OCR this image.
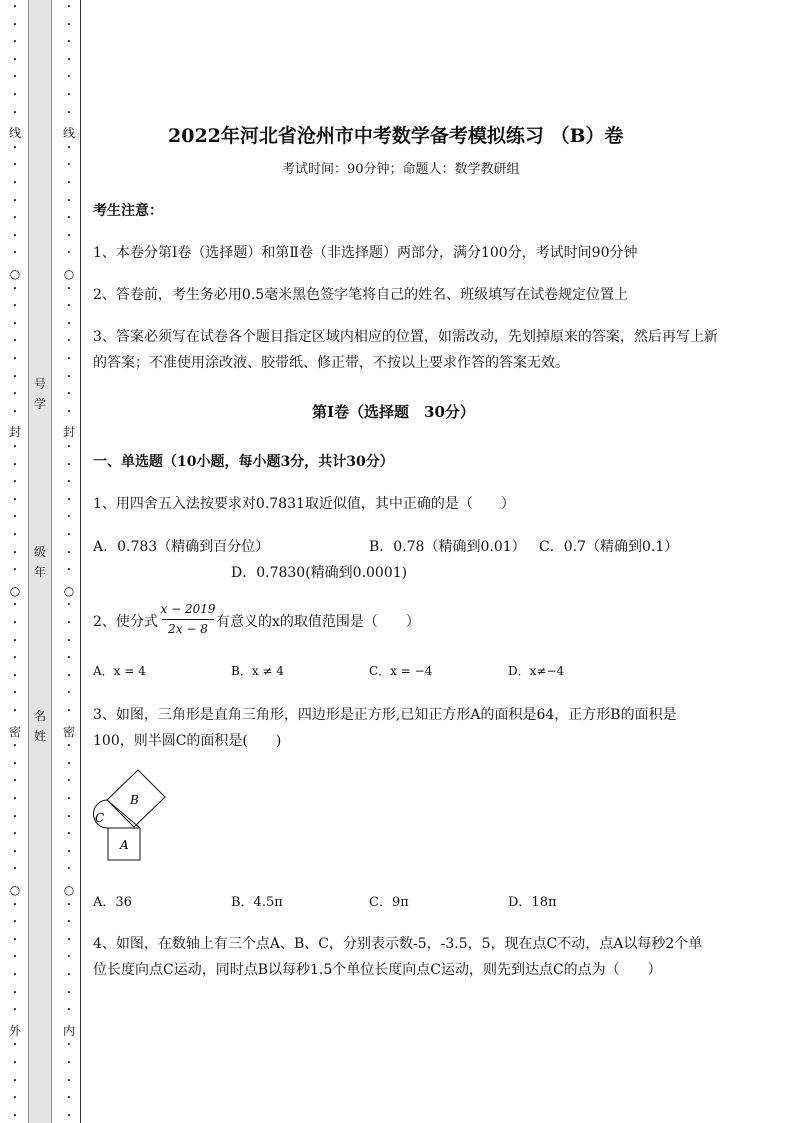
•
•
•
•
•
•
•
线
•
•
•
•
•
•
•
○
•
•
•
•
•
•
•
•
封
•
•
•
•
•
•
•
•
○
•
•
•
•
•
•
•
密
•
•
•
•
•
•
•
•
○
•
•
•
•
•
•
•
外
•
•
•
•
•
•
•
•
•
•
•
•
线
•
•
•
•
•
•
•
○
•
•
•
•
•
•
•
•
封
•
•
•
•
•
•
•
•
○
•
•
•
•
•
•
•
密
•
•
•
•
•
•
•
•
○
•
•
•
•
•
•
•
内
•
•
•
•
•
号
学
级
年
名
姓
2022年河北省沧州市中考数学备考模拟练习 （B）卷
考试时间：90分钟；命题人：数学教研组
考生注意：
1、本卷分第Ⅰ卷（选择题）和第Ⅱ卷（非选择题）两部分，满分100分，考试时间90分钟
2、答卷前，考生务必用0.5毫米黑色签字笔将自己的姓名、班级填写在试卷规定位置上
3、答案必须写在试卷各个题目指定区域内相应的位置，如需改动，先划掉原来的答案，然后再写上新
的答案；不准使用涂改液、胶带纸、修正带，不按以上要求作答的答案无效。
第Ⅰ卷（选择题　30分）
一、单选题（10小题，每小题3分，共计30分）
1、用四舍五入法按要求对0.7831取近似值，其中正确的是（　　）
A．0.783（精确到百分位）	B．0.78（精确到0.01） C．0.7（精确到0.1）
D．0.7830(精确到0.0001)
2、使分式
x − 2019
2x − 8 有意义的x的取值范围是（　　）
A．x = 4	B．x ≠ 4	C．x = −4	D．x≠−4
3、如图，三角形是直角三角形，四边形是正方形,已知正方形A的面积是64，正方形B的面积是
100，则半圆C的面积是(　　)
B
A
C
A．36	B．4.5π	C．9π	D．18π
4、如图，在数轴上有三个点A、B、C，分别表示数-5，-3.5，5，现在点C不动，点A以每秒2个单
位长度向点C运动，同时点B以每秒1.5个单位长度向点C运动，则先到达点C的点为（　　）
